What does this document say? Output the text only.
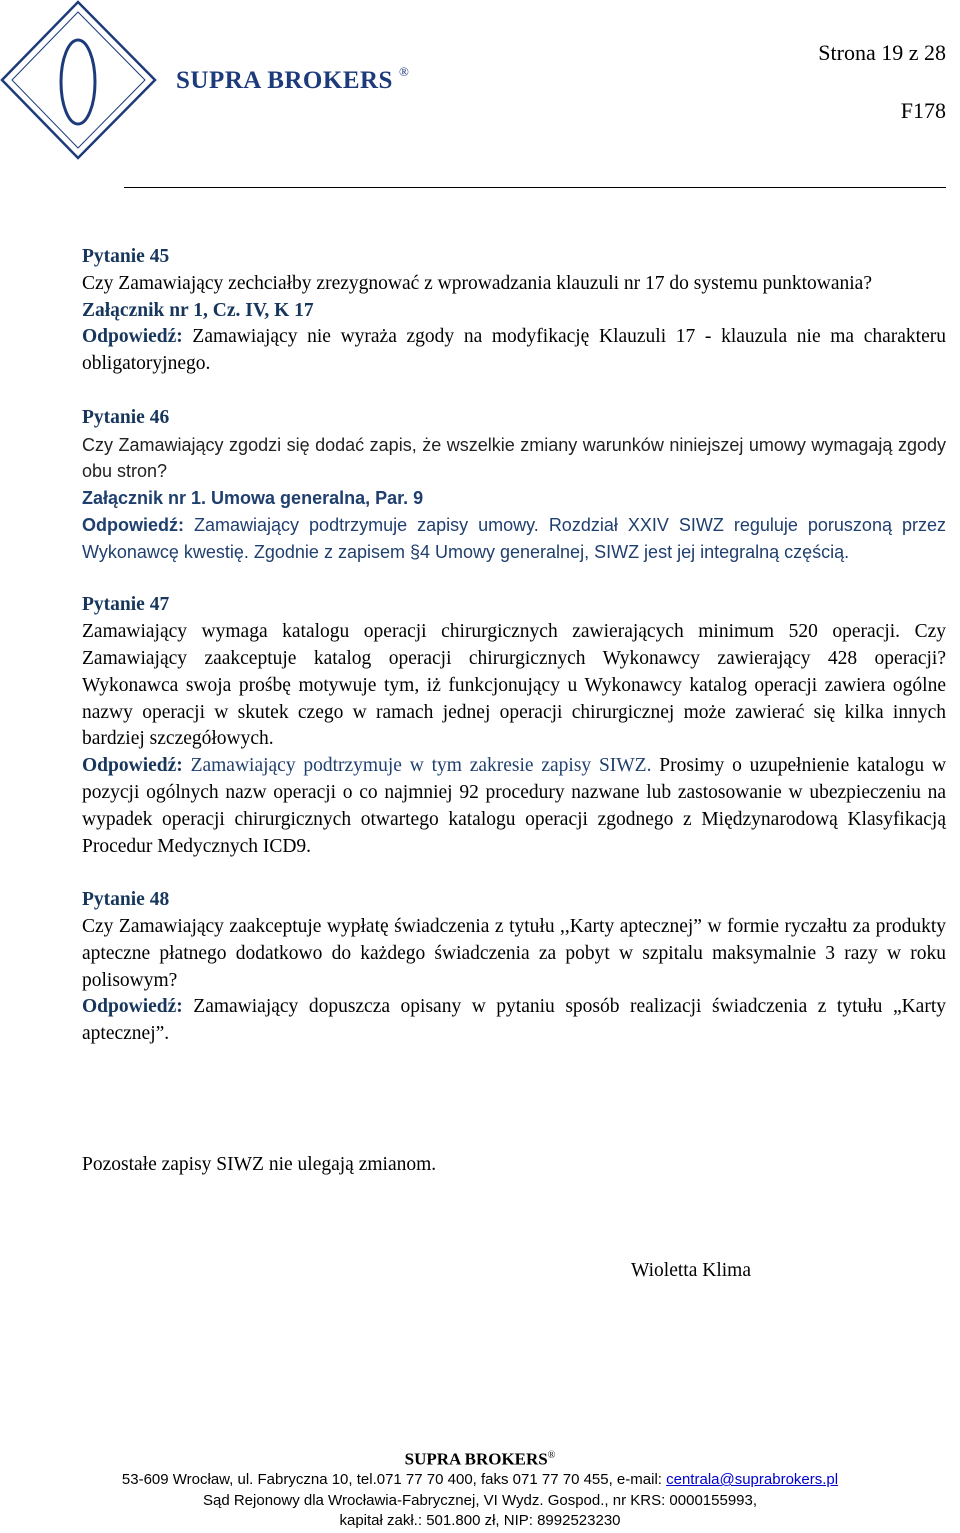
SUPRA BROKERS ®
Strona 19 z 28
F178

Pytanie 45

Czy Zamawiający zechciałby zrezygnować z wprowadzania klauzuli nr 17 do systemu punktowania?

Załącznik nr 1, Cz. IV, K 17

Odpowiedź: Zamawiający nie wyraża zgody na modyfikację Klauzuli 17 - klauzula nie ma charakteru obligatoryjnego.

Pytanie 46

Czy Zamawiający zgodzi się dodać zapis, że wszelkie zmiany warunków niniejszej umowy wymagają zgody obu stron?

Załącznik nr 1. Umowa generalna, Par. 9

Odpowiedź: Zamawiający podtrzymuje zapisy umowy. Rozdział XXIV SIWZ reguluje poruszoną przez Wykonawcę kwestię. Zgodnie z zapisem §4 Umowy generalnej, SIWZ jest jej integralną częścią.

Pytanie 47

Zamawiający wymaga katalogu operacji chirurgicznych zawierających minimum 520 operacji. Czy Zamawiający zaakceptuje katalog operacji chirurgicznych Wykonawcy zawierający 428 operacji? Wykonawca swoja prośbę motywuje tym, iż funkcjonujący u Wykonawcy katalog operacji zawiera ogólne nazwy operacji w skutek czego w ramach jednej operacji chirurgicznej może zawierać się kilka innych bardziej szczegółowych.

Odpowiedź: Zamawiający podtrzymuje w tym zakresie zapisy SIWZ. Prosimy o uzupełnienie katalogu w pozycji ogólnych nazw operacji o co najmniej 92 procedury nazwane lub zastosowanie w ubezpieczeniu na wypadek operacji chirurgicznych otwartego katalogu operacji zgodnego z Międzynarodową Klasyfikacją Procedur Medycznych ICD9.

Pytanie 48

Czy Zamawiający zaakceptuje wypłatę świadczenia z tytułu ,,Karty aptecznej” w formie ryczałtu za produkty apteczne płatnego dodatkowo do każdego świadczenia za pobyt w szpitalu maksymalnie 3 razy w roku polisowym?

Odpowiedź: Zamawiający dopuszcza opisany w pytaniu sposób realizacji świadczenia z tytułu „Karty aptecznej”.

Pozostałe zapisy SIWZ nie ulegają zmianom.
Wioletta Klima
SUPRA BROKERS®
53-609 Wrocław, ul. Fabryczna 10, tel.071 77 70 400, faks 071 77 70 455, e-mail: centrala@suprabrokers.pl
Sąd Rejonowy dla Wrocławia-Fabrycznej, VI Wydz. Gospod., nr KRS: 0000155993,
kapitał zakł.: 501.800 zł, NIP: 8992523230
